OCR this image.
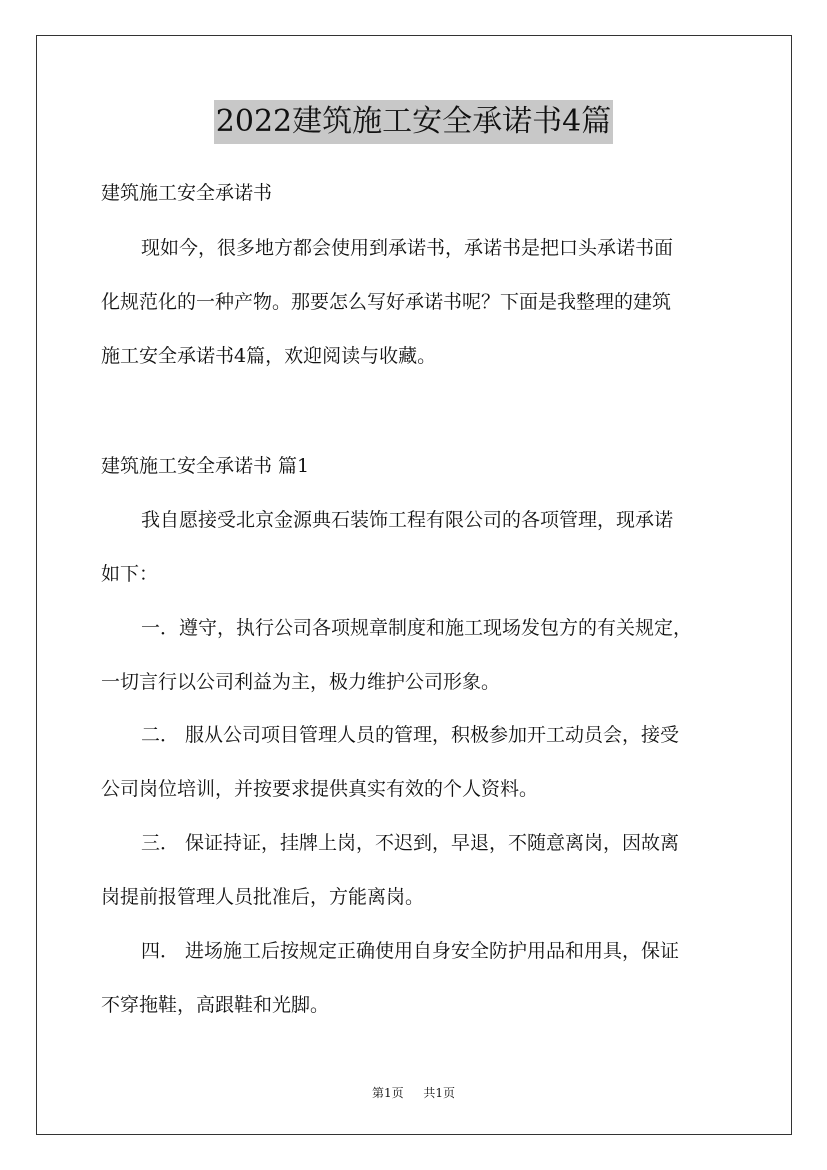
2022建筑施工安全承诺书4篇
建筑施工安全承诺书
现如今，很多地方都会使用到承诺书，承诺书是把口头承诺书面
化规范化的一种产物。那要怎么写好承诺书呢？下面是我整理的建筑
施工安全承诺书4篇，欢迎阅读与收藏。
建筑施工安全承诺书 篇1
我自愿接受北京金源典石装饰工程有限公司的各项管理，现承诺
如下：
一．遵守，执行公司各项规章制度和施工现场发包方的有关规定，
一切言行以公司利益为主，极力维护公司形象。
二． 服从公司项目管理人员的管理，积极参加开工动员会，接受
公司岗位培训，并按要求提供真实有效的个人资料。
三． 保证持证，挂牌上岗，不迟到，早退，不随意离岗，因故离
岗提前报管理人员批准后，方能离岗。
四． 进场施工后按规定正确使用自身安全防护用品和用具，保证
不穿拖鞋，高跟鞋和光脚。
第1页 共1页
